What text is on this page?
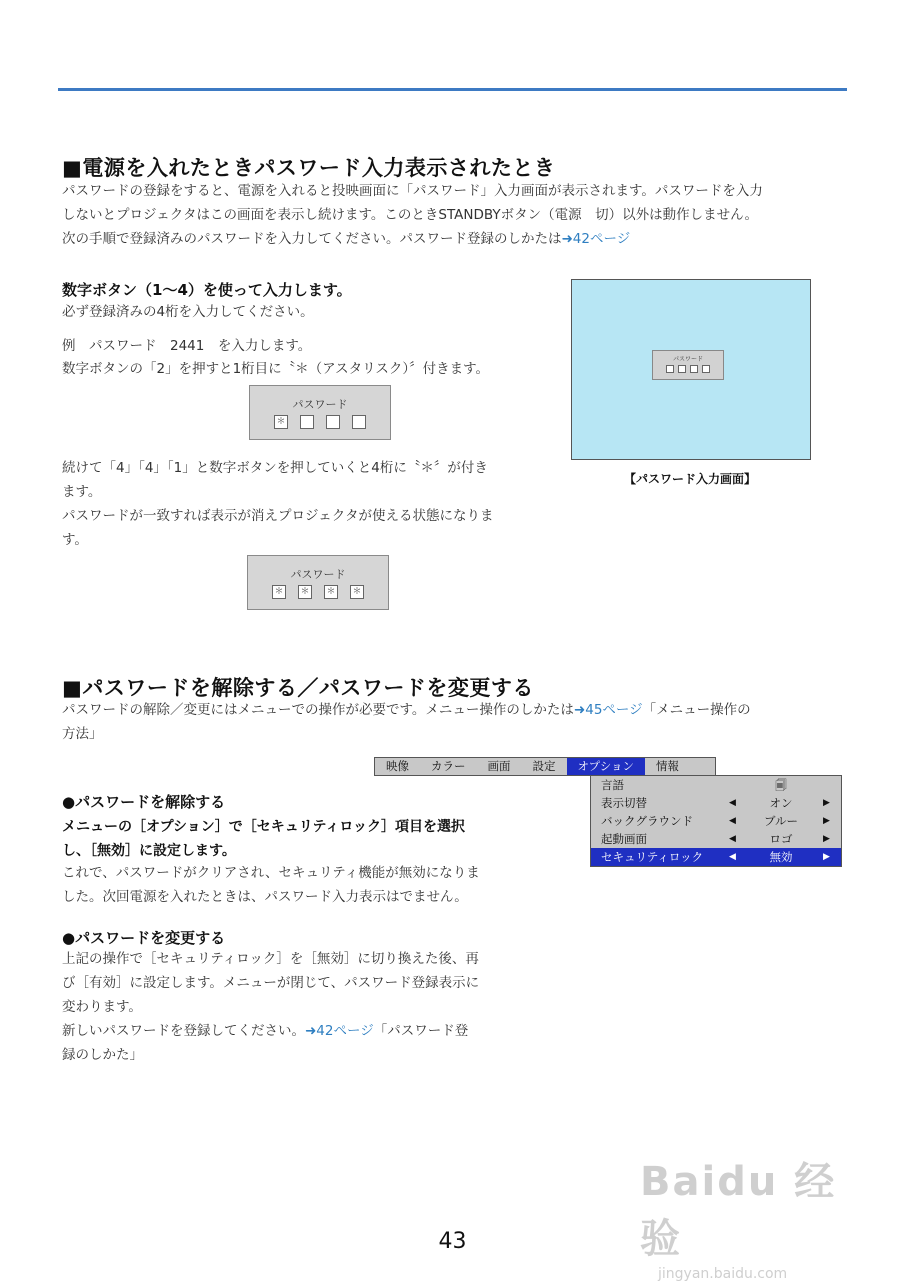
■電源を入れたときパスワード入力表示されたとき
パスワードの登録をすると、電源を入れると投映画面に「パスワード」入力画面が表示されます。パスワードを入力
しないとプロジェクタはこの画面を表示し続けます。このときSTANDBYボタン（電源　切）以外は動作しません。
次の手順で登録済みのパスワードを入力してください。パスワード登録のしかたは➜42ページ
数字ボタン（1～4）を使って入力します。
必ず登録済みの4桁を入力してください。
例　パスワード　2441　を入力します。
数字ボタンの「2」を押すと1桁目に〝＊（アスタリスク）〞付きます。
パスワード
＊
続けて「4」「4」「1」と数字ボタンを押していくと4桁に〝＊〞が付き
ます。
パスワードが一致すれば表示が消えプロジェクタが使える状態になりま
す。
パスワード
＊ ＊ ＊ ＊
パスワード
【パスワード入力画面】
■パスワードを解除する／パスワードを変更する
パスワードの解除／変更にはメニューでの操作が必要です。メニュー操作のしかたは➜45ページ「メニュー操作の
方法」
映像	カラー	画面	設定	オプション	情報
言語	🗐
表示切替	◀	オン	▶
バックグラウンド	◀	ブルー	▶
起動画面	◀	ロゴ	▶
セキュリティロック	◀	無効	▶
●パスワードを解除する
メニューの［オプション］で［セキュリティロック］項目を選択
し、［無効］に設定します。
これで、パスワードがクリアされ、セキュリティ機能が無効になりま
した。次回電源を入れたときは、パスワード入力表示はでません。
●パスワードを変更する
上記の操作で［セキュリティロック］を［無効］に切り換えた後、再
び［有効］に設定します。メニューが閉じて、パスワード登録表示に
変わります。
新しいパスワードを登録してください。➜42ページ「パスワード登
録のしかた」
Baidu 经验
jingyan.baidu.com
43
